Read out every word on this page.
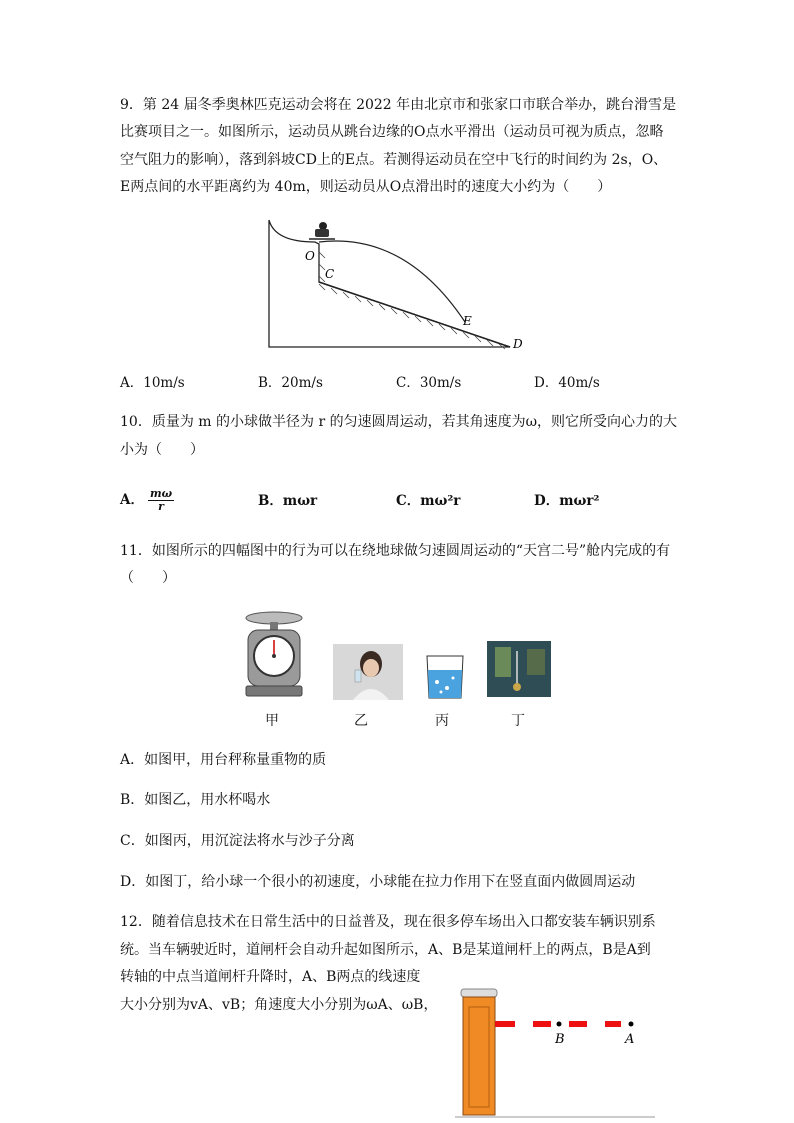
9．第 24 届冬季奥林匹克运动会将在 2022 年由北京市和张家口市联合举办，跳台滑雪是
比赛项目之一。如图所示，运动员从跳台边缘的O点水平滑出（运动员可视为质点，忽略
空气阻力的影响），落到斜坡CD上的E点。若测得运动员在空中飞行的时间约为 2s，O、
E两点间的水平距离约为 40m，则运动员从O点滑出时的速度大小约为（　　）
O
C
E
D
A．10m/s	B．20m/s	C．30m/s	D．40m/s
10．质量为 m 的小球做半径为 r 的匀速圆周运动，若其角速度为ω，则它所受向心力的大
小为（　　）
A． $\frac{m\omega}{r}$	B．mωr	C．mω²r	D．mωr²
11．如图所示的四幅图中的行为可以在绕地球做匀速圆周运动的“天宫二号”舱内完成的有
（　　）
甲	乙	丙	丁
A．如图甲，用台秤称量重物的质
B．如图乙，用水杯喝水
C．如图丙，用沉淀法将水与沙子分离
D．如图丁，给小球一个很小的初速度，小球能在拉力作用下在竖直面内做圆周运动
12．随着信息技术在日常生活中的日益普及，现在很多停车场出入口都安装车辆识别系
统。当车辆驶近时，道闸杆会自动升起如图所示，A、B是某道闸杆上的两点，B是A到
转轴的中点当道闸杆升降时，A、B两点的线速度
大小分别为vA、vB；角速度大小分别为ωA、ωB，
B	A
